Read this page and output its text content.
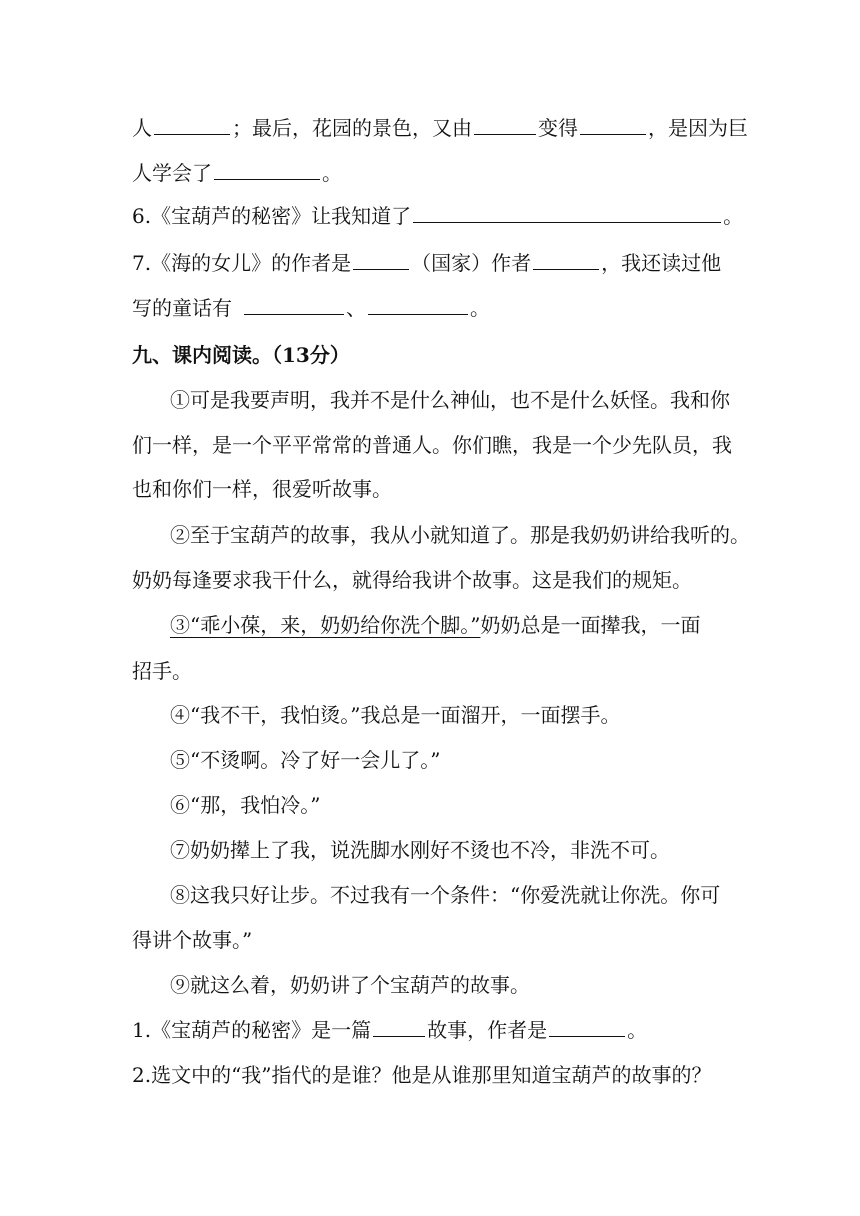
人	；最后，花园的景色，又由	变得	，是因为巨
人学会了	。
6.《宝葫芦的秘密》让我知道了	。
7.《海的女儿》的作者是	（国家）作者	，我还读过他
写的童话有	、	。
九、课内阅读。（13分）
①可是我要声明，我并不是什么神仙，也不是什么妖怪。我和你
们一样，是一个平平常常的普通人。你们瞧，我是一个少先队员，我
也和你们一样，很爱听故事。
②至于宝葫芦的故事，我从小就知道了。那是我奶奶讲给我听的。
奶奶每逢要求我干什么，就得给我讲个故事。这是我们的规矩。
③“乖小葆，来，奶奶给你洗个脚。”奶奶总是一面撵我，一面
招手。
④“我不干，我怕烫。”我总是一面溜开，一面摆手。
⑤“不烫啊。冷了好一会儿了。”
⑥“那，我怕冷。”
⑦奶奶撵上了我，说洗脚水刚好不烫也不冷，非洗不可。
⑧这我只好让步。不过我有一个条件：“你爱洗就让你洗。你可
得讲个故事。”
⑨就这么着，奶奶讲了个宝葫芦的故事。
1.《宝葫芦的秘密》是一篇	故事，作者是	。
2.选文中的“我”指代的是谁？他是从谁那里知道宝葫芦的故事的？
